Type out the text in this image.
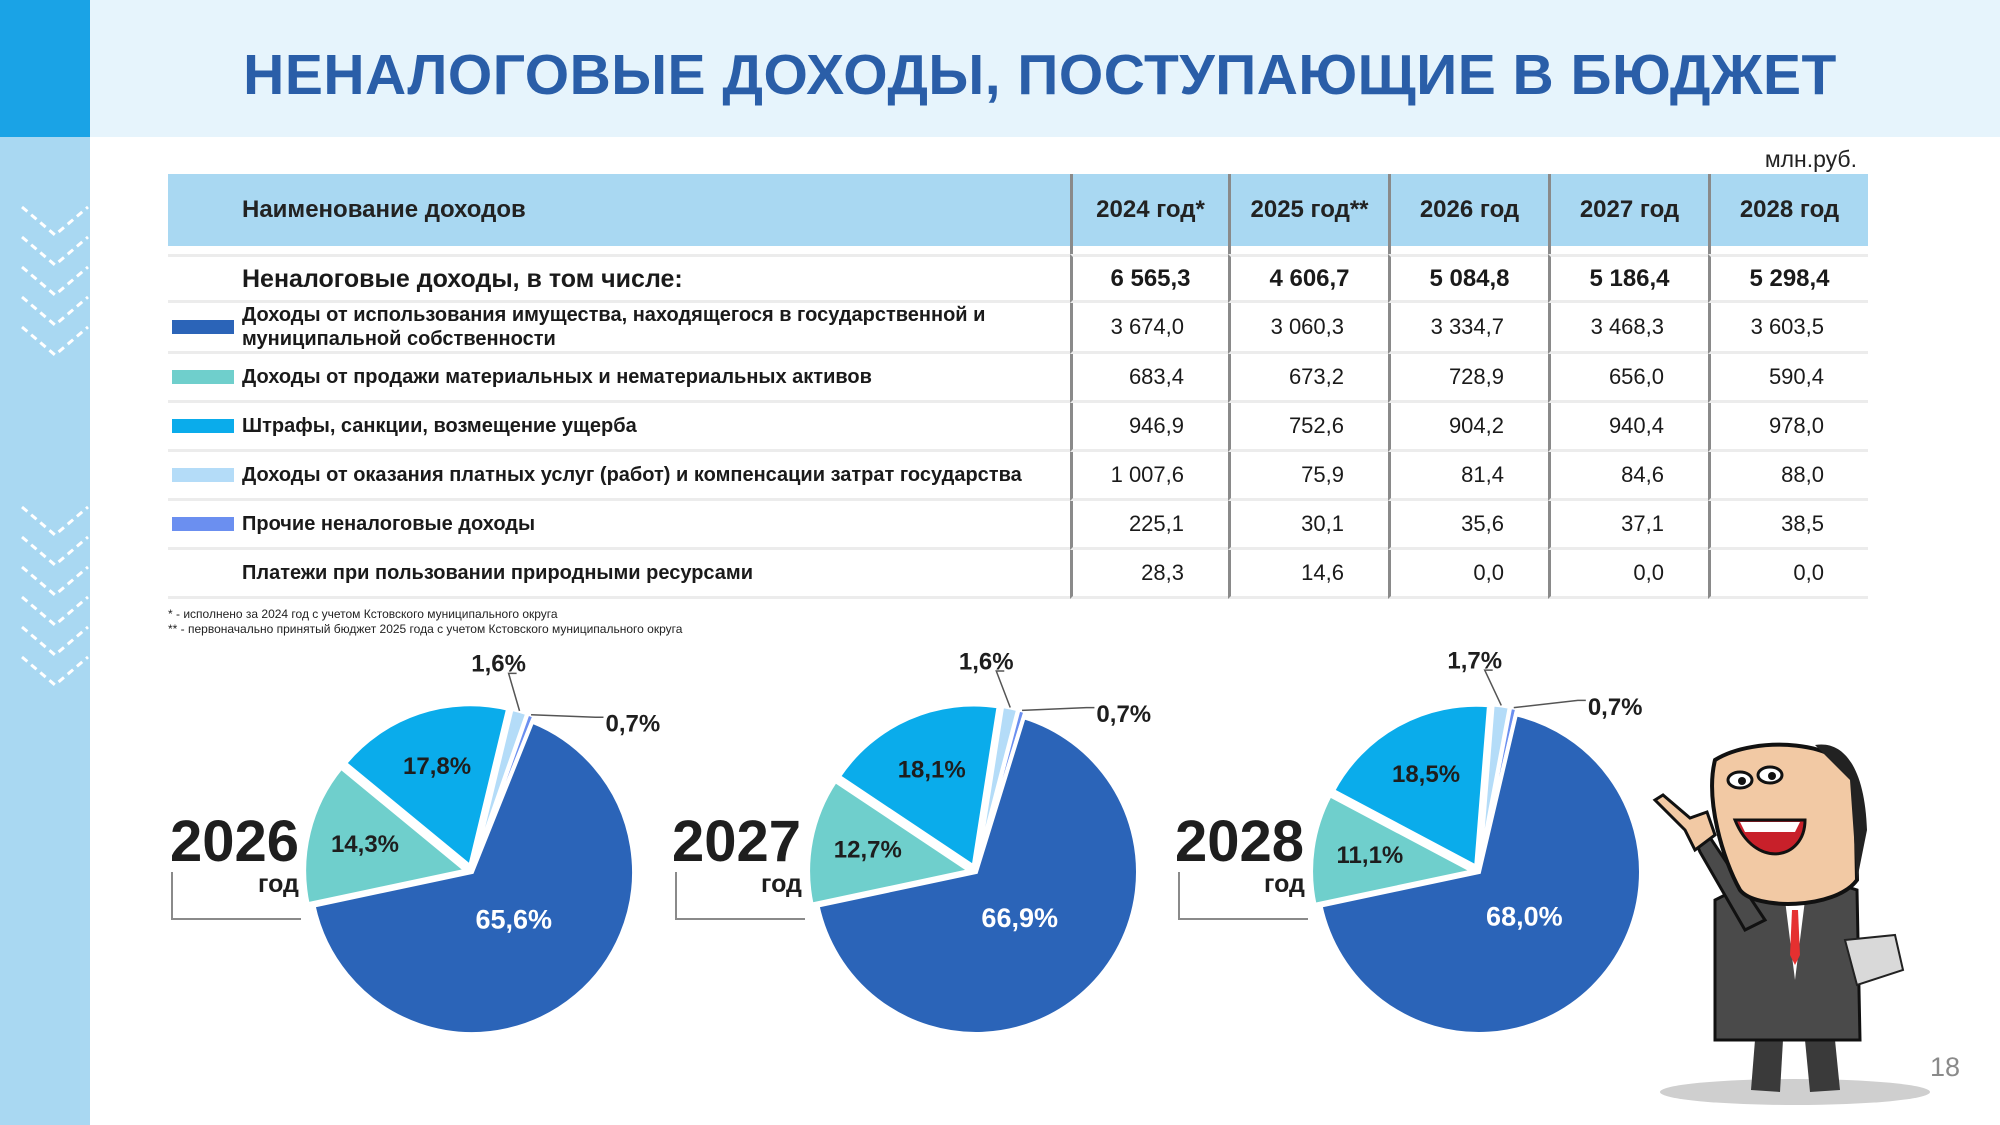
НЕНАЛОГОВЫЕ ДОХОДЫ, ПОСТУПАЮЩИЕ В БЮДЖЕТ
млн.руб.
Наименование доходов	2024 год*	2025 год**	2026 год	2027 год	2028 год

Неналоговые доходы, в том числе:	6 565,3	4 606,7	5 084,8	5 186,4	5 298,4

Доходы от использования имущества, находящегося в государственной и муниципальной собственности	3 674,0	3 060,3	3 334,7	3 468,3	3 603,5

Доходы от продажи материальных и нематериальных активов	683,4	673,2	728,9	656,0	590,4

Штрафы, санкции, возмещение ущерба	946,9	752,6	904,2	940,4	978,0

Доходы от оказания платных услуг (работ) и компенсации затрат государства	1 007,6	75,9	81,4	84,6	88,0

Прочие неналоговые доходы	225,1	30,1	35,6	37,1	38,5

Платежи при пользовании природными ресурсами	28,3	14,6	0,0	0,0	0,0
* - исполнено за 2024 год с учетом Кстовского муниципального округа
** - первоначально принятый бюджет 2025 года с учетом Кстовского муниципального округа
2026
год
2027
год
2028
год
14,3%
17,8%
1,6%
0,7%
65,6%
12,7%
18,1%
1,6%
0,7%
66,9%
11,1%
18,5%
1,7%
0,7%
68,0%
18
